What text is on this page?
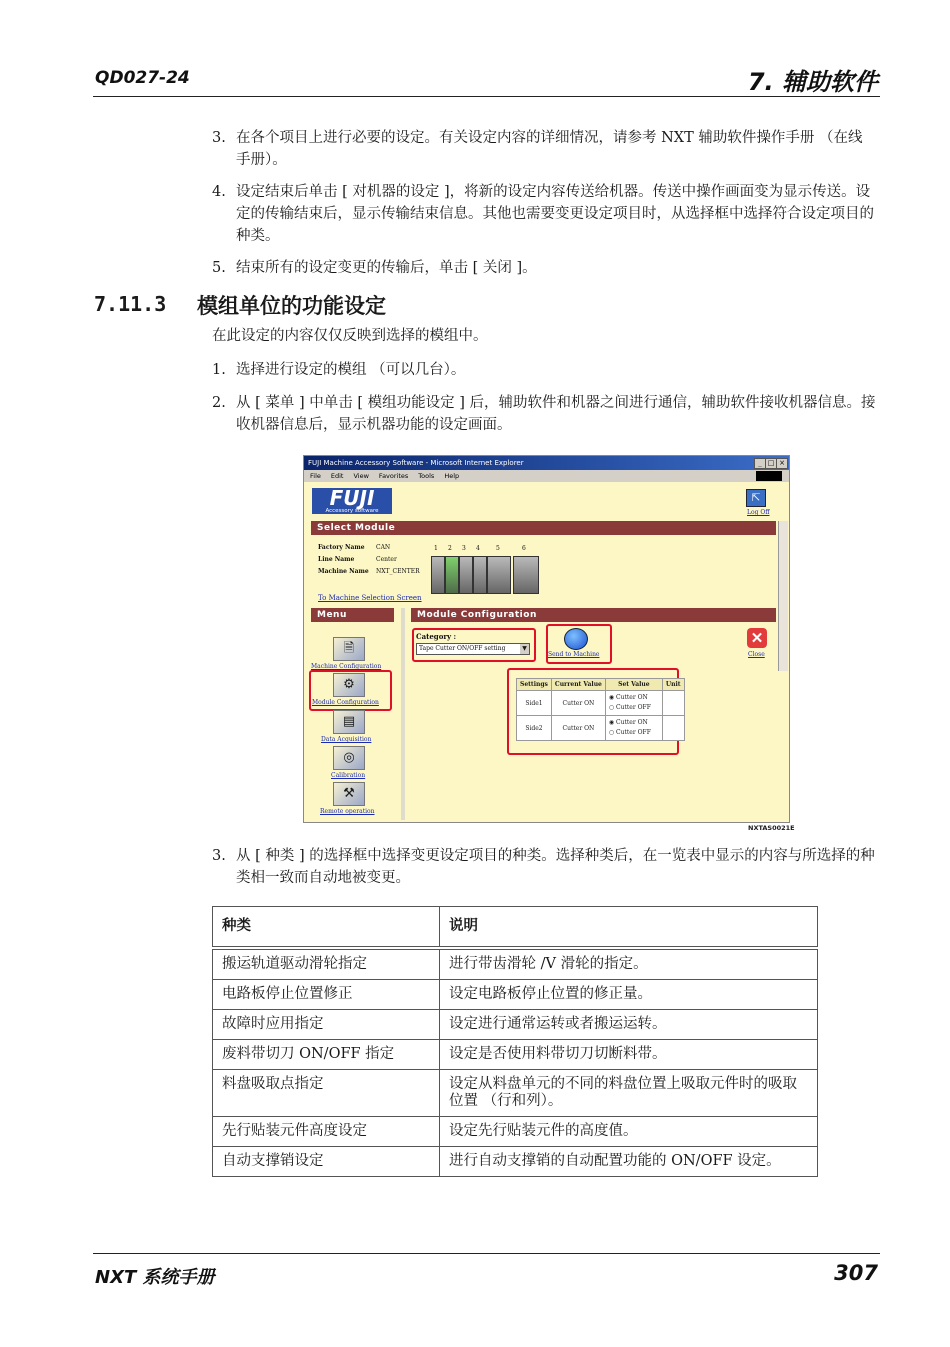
QD027-24	7. 辅助软件
3. 在各个项目上进行必要的设定。有关设定内容的详细情况，请参考 NXT 辅助软件操作手册 （在线手册）。
4. 设定结束后单击 [ 对机器的设定 ]，将新的设定内容传送给机器。传送中操作画面变为显示传送。设定的传输结束后，显示传输结束信息。其他也需要变更设定项目时，从选择框中选择符合设定项目的种类。
5. 结束所有的设定变更的传输后，单击 [ 关闭 ]。
7.11.3 模组单位的功能设定
在此设定的内容仅仅反映到选择的模组中。
1. 选择进行设定的模组 （可以几台）。
2. 从 [ 菜单 ] 中单击 [ 模组功能设定 ] 后，辅助软件和机器之间进行通信，辅助软件接收机器信息。接收机器信息后，显示机器功能的设定画面。
FUJI Machine Accessory Software - Microsoft Internet Explorer	_ □ ×
File Edit View Favorites Tools Help
FUJI
Accessory software
⇱
Log Off
Select Module
Factory Name CAN
Line Name	Center
Machine Name NXT_CENTER
1 2 3 4	5	6
To Machine Selection Screen
Menu	Module Configuration
🗎
Machine Configuration
⚙
Module Configuration
▤
Data Acquisition
◎
Calibration
⚒
Remote operation
Category :
Tape Cutter ON/OFF setting	▼
Send to Machine
✕
Close
Settings	Current Value	Set Value	Unit
Side1	Cutter ON	◉ Cutter ON
○ Cutter OFF	
Side2	Cutter ON	◉ Cutter ON
○ Cutter OFF	
NXTAS0021E
3. 从 [ 种类 ] 的选择框中选择变更设定项目的种类。选择种类后，在一览表中显示的内容与所选择的种类相一致而自动地被变更。
种类	说明
搬运轨道驱动滑轮指定	进行带齿滑轮 /V 滑轮的指定。
电路板停止位置修正	设定电路板停止位置的修正量。
故障时应用指定	设定进行通常运转或者搬运运转。
废料带切刀 ON/OFF 指定	设定是否使用料带切刀切断料带。
料盘吸取点指定	设定从料盘单元的不同的料盘位置上吸取元件时的吸取位置 （行和列）。
先行贴装元件高度设定	设定先行贴装元件的高度值。
自动支撑销设定	进行自动支撑销的自动配置功能的 ON/OFF 设定。
NXT 系统手册	307
